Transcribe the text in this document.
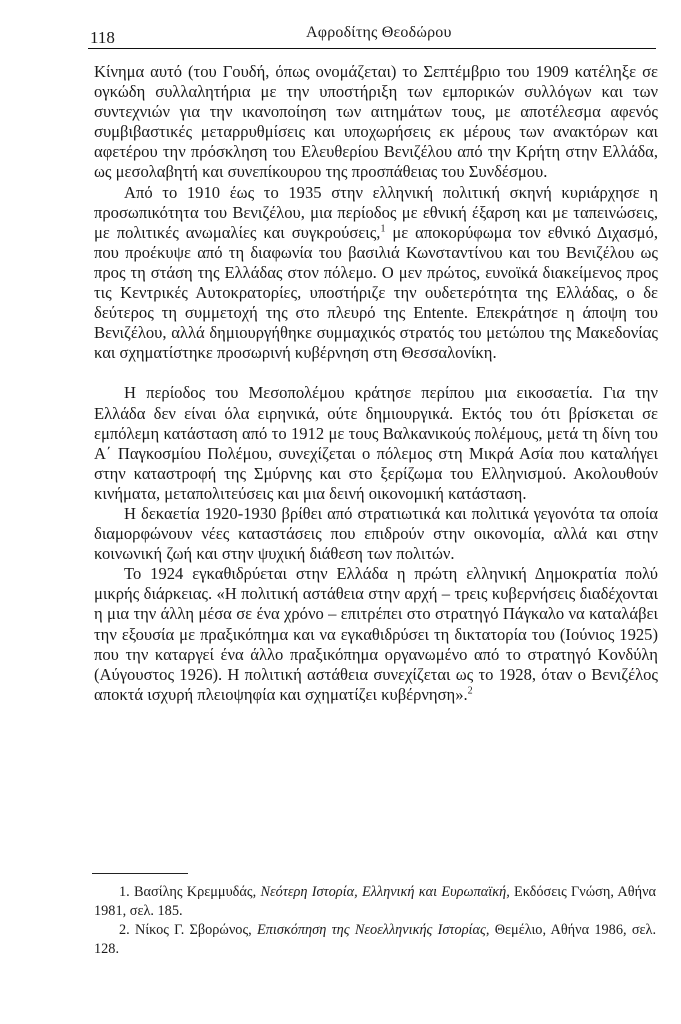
118	Αφροδίτης Θεοδώρου

Κίνημα αυτό (του Γουδή, όπως ονομάζεται) το Σεπτέμβριο του 1909 κατέληξε σε ογκώδη συλλαλητήρια με την υποστήριξη των εμπορικών συλλόγων και των συντεχνιών για την ικανοποίηση των αιτημάτων τους, με αποτέλεσμα αφενός συμβιβαστικές μεταρρυθμίσεις και υποχωρήσεις εκ μέρους των ανακτόρων και αφετέρου την πρόσκληση του Ελευθερίου Βενιζέλου από την Κρήτη στην Ελλάδα, ως μεσολαβητή και συνεπίκουρου της προσπάθειας του Συνδέσμου.

Από το 1910 έως το 1935 στην ελληνική πολιτική σκηνή κυριάρχησε η προσωπικότητα του Βενιζέλου, μια περίοδος με εθνική έξαρση και με ταπεινώσεις, με πολιτικές ανωμαλίες και συγκρούσεις,$^1$ με αποκορύφωμα τον εθνικό Διχασμό, που προέκυψε από τη διαφωνία του βασιλιά Κωνσταντίνου και του Βενιζέλου ως προς τη στάση της Ελλάδας στον πόλεμο. Ο μεν πρώτος, ευνοϊκά διακείμενος προς τις Κεντρικές Αυτοκρατορίες, υποστήριζε την ουδετερότητα της Ελλάδας, ο δε δεύτερος τη συμμετοχή της στο πλευρό της Entente. Επεκράτησε η άποψη του Βενιζέλου, αλλά δημιουργήθηκε συμμαχικός στρατός του μετώπου της Μακεδονίας και σχηματίστηκε προσωρινή κυβέρνηση στη Θεσσαλονίκη.

Η περίοδος του Μεσοπολέμου κράτησε περίπου μια εικοσαετία. Για την Ελλάδα δεν είναι όλα ειρηνικά, ούτε δημιουργικά. Εκτός του ότι βρίσκεται σε εμπόλεμη κατάσταση από το 1912 με τους Βαλκανικούς πολέμους, μετά τη δίνη του Α΄ Παγκοσμίου Πολέμου, συνεχίζεται ο πόλεμος στη Μικρά Ασία που καταλήγει στην καταστροφή της Σμύρνης και στο ξερίζωμα του Ελληνισμού. Ακολουθούν κινήματα, μεταπολιτεύσεις και μια δεινή οικονομική κατάσταση.

Η δεκαετία 1920-1930 βρίθει από στρατιωτικά και πολιτικά γεγονότα τα οποία διαμορφώνουν νέες καταστάσεις που επιδρούν στην οικονομία, αλλά και στην κοινωνική ζωή και στην ψυχική διάθεση των πολιτών.

Το 1924 εγκαθιδρύεται στην Ελλάδα η πρώτη ελληνική Δημοκρατία πολύ μικρής διάρκειας. «Η πολιτική αστάθεια στην αρχή – τρεις κυβερνήσεις διαδέχονται η μια την άλλη μέσα σε ένα χρόνο – επιτρέπει στο στρατηγό Πάγκαλο να καταλάβει την εξουσία με πραξικόπημα και να εγκαθιδρύσει τη δικτατορία του (Ιούνιος 1925) που την καταργεί ένα άλλο πραξικόπημα οργανωμένο από το στρατηγό Κονδύλη (Αύγουστος 1926). Η πολιτική αστάθεια συνεχίζεται ως το 1928, όταν ο Βενιζέλος αποκτά ισχυρή πλειοψηφία και σχηματίζει κυβέρνηση».$^2$

1. Βασίλης Κρεμμυδάς, Νεότερη Ιστορία, Ελληνική και Ευρωπαϊκή, Εκδόσεις Γνώση, Αθήνα 1981, σελ. 185.

2. Νίκος Γ. Σβορώνος, Επισκόπηση της Νεοελληνικής Ιστορίας, Θεμέλιο, Αθήνα 1986, σελ. 128.
